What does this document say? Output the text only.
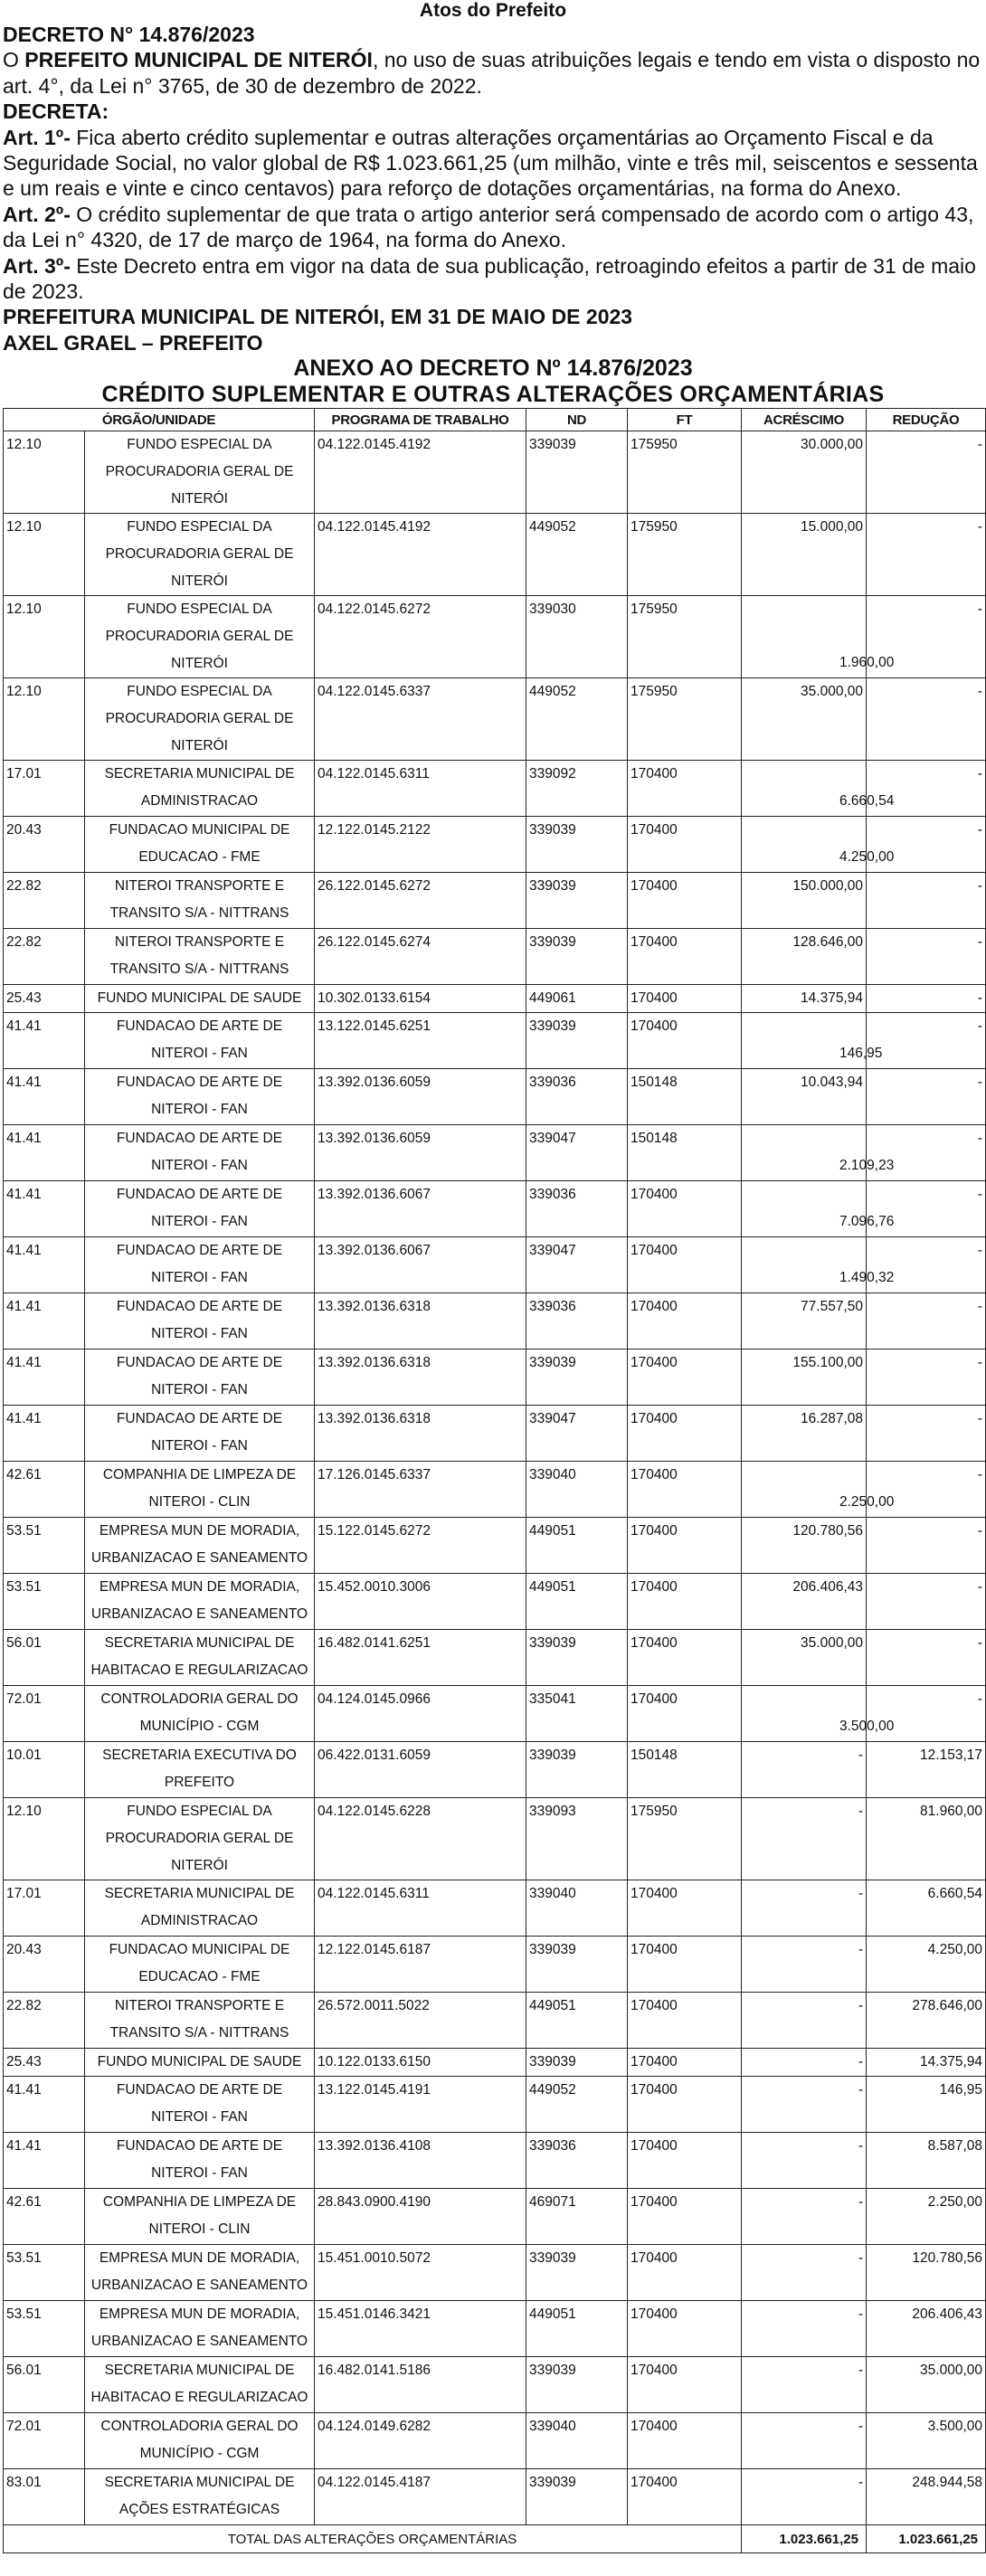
Atos do Prefeito
DECRETO N° 14.876/2023
O PREFEITO MUNICIPAL DE NITERÓI, no uso de suas atribuições legais e tendo em vista o disposto no art. 4°, da Lei n° 3765, de 30 de dezembro de 2022.
DECRETA:
Art. 1º- Fica aberto crédito suplementar e outras alterações orçamentárias ao Orçamento Fiscal e da Seguridade Social, no valor global de R$ 1.023.661,25 (um milhão, vinte e três mil, seiscentos e sessenta e um reais e vinte e cinco centavos) para reforço de dotações orçamentárias, na forma do Anexo.
Art. 2º- O crédito suplementar de que trata o artigo anterior será compensado de acordo com o artigo 43, da Lei n° 4320, de 17 de março de 1964, na forma do Anexo.
Art. 3º- Este Decreto entra em vigor na data de sua publicação, retroagindo efeitos a partir de 31 de maio de 2023.
PREFEITURA MUNICIPAL DE NITERÓI, EM 31 DE MAIO DE 2023
AXEL GRAEL – PREFEITO
ANEXO AO DECRETO Nº 14.876/2023
CRÉDITO SUPLEMENTAR E OUTRAS ALTERAÇÕES ORÇAMENTÁRIAS
ÓRGÃO/UNIDADE		PROGRAMA DE TRABALHO	ND	FT	ACRÉSCIMO	REDUÇÃO
12.10	FUNDO ESPECIAL DA PROCURADORIA GERAL DE NITERÓI	04.122.0145.4192	339039	175950	30.000,00	-
12.10	FUNDO ESPECIAL DA PROCURADORIA GERAL DE NITERÓI	04.122.0145.4192	449052	175950	15.000,00	-
12.10	FUNDO ESPECIAL DA PROCURADORIA GERAL DE NITERÓI	04.122.0145.6272	339030	175950	1.960,00	-
12.10	FUNDO ESPECIAL DA PROCURADORIA GERAL DE NITERÓI	04.122.0145.6337	449052	175950	35.000,00	-
17.01	SECRETARIA MUNICIPAL DE ADMINISTRACAO	04.122.0145.6311	339092	170400	6.660,54	-
20.43	FUNDACAO MUNICIPAL DE EDUCACAO - FME	12.122.0145.2122	339039	170400	4.250,00	-
22.82	NITEROI TRANSPORTE E TRANSITO S/A - NITTRANS	26.122.0145.6272	339039	170400	150.000,00	-
22.82	NITEROI TRANSPORTE E TRANSITO S/A - NITTRANS	26.122.0145.6274	339039	170400	128.646,00	-
25.43	FUNDO MUNICIPAL DE SAUDE	10.302.0133.6154	449061	170400	14.375,94	-
41.41	FUNDACAO DE ARTE DE NITEROI - FAN	13.122.0145.6251	339039	170400	146,95	-
41.41	FUNDACAO DE ARTE DE NITEROI - FAN	13.392.0136.6059	339036	150148	10.043,94	-
41.41	FUNDACAO DE ARTE DE NITEROI - FAN	13.392.0136.6059	339047	150148	2.109,23	-
41.41	FUNDACAO DE ARTE DE NITEROI - FAN	13.392.0136.6067	339036	170400	7.096,76	-
41.41	FUNDACAO DE ARTE DE NITEROI - FAN	13.392.0136.6067	339047	170400	1.490,32	-
41.41	FUNDACAO DE ARTE DE NITEROI - FAN	13.392.0136.6318	339036	170400	77.557,50	-
41.41	FUNDACAO DE ARTE DE NITEROI - FAN	13.392.0136.6318	339039	170400	155.100,00	-
41.41	FUNDACAO DE ARTE DE NITEROI - FAN	13.392.0136.6318	339047	170400	16.287,08	-
42.61	COMPANHIA DE LIMPEZA DE NITEROI - CLIN	17.126.0145.6337	339040	170400	2.250,00	-
53.51	EMPRESA MUN DE MORADIA, URBANIZACAO E SANEAMENTO	15.122.0145.6272	449051	170400	120.780,56	-
53.51	EMPRESA MUN DE MORADIA, URBANIZACAO E SANEAMENTO	15.452.0010.3006	449051	170400	206.406,43	-
56.01	SECRETARIA MUNICIPAL DE HABITACAO E REGULARIZACAO	16.482.0141.6251	339039	170400	35.000,00	-
72.01	CONTROLADORIA GERAL DO MUNICÍPIO - CGM	04.124.0145.0966	335041	170400	3.500,00	-
10.01	SECRETARIA EXECUTIVA DO PREFEITO	06.422.0131.6059	339039	150148	-	12.153,17
12.10	FUNDO ESPECIAL DA PROCURADORIA GERAL DE NITERÓI	04.122.0145.6228	339093	175950	-	81.960,00
17.01	SECRETARIA MUNICIPAL DE ADMINISTRACAO	04.122.0145.6311	339040	170400	-	6.660,54
20.43	FUNDACAO MUNICIPAL DE EDUCACAO - FME	12.122.0145.6187	339039	170400	-	4.250,00
22.82	NITEROI TRANSPORTE E TRANSITO S/A - NITTRANS	26.572.0011.5022	449051	170400	-	278.646,00
25.43	FUNDO MUNICIPAL DE SAUDE	10.122.0133.6150	339039	170400	-	14.375,94
41.41	FUNDACAO DE ARTE DE NITEROI - FAN	13.122.0145.4191	449052	170400	-	146,95
41.41	FUNDACAO DE ARTE DE NITEROI - FAN	13.392.0136.4108	339036	170400	-	8.587,08
42.61	COMPANHIA DE LIMPEZA DE NITEROI - CLIN	28.843.0900.4190	469071	170400	-	2.250,00
53.51	EMPRESA MUN DE MORADIA, URBANIZACAO E SANEAMENTO	15.451.0010.5072	339039	170400	-	120.780,56
53.51	EMPRESA MUN DE MORADIA, URBANIZACAO E SANEAMENTO	15.451.0146.3421	449051	170400	-	206.406,43
56.01	SECRETARIA MUNICIPAL DE HABITACAO E REGULARIZACAO	16.482.0141.5186	339039	170400	-	35.000,00
72.01	CONTROLADORIA GERAL DO MUNICÍPIO - CGM	04.124.0149.6282	339040	170400	-	3.500,00
83.01	SECRETARIA MUNICIPAL DE AÇÕES ESTRATÉGICAS	04.122.0145.4187	339039	170400	-	248.944,58
TOTAL DAS ALTERAÇÕES ORÇAMENTÁRIAS					1.023.661,25	1.023.661,25
